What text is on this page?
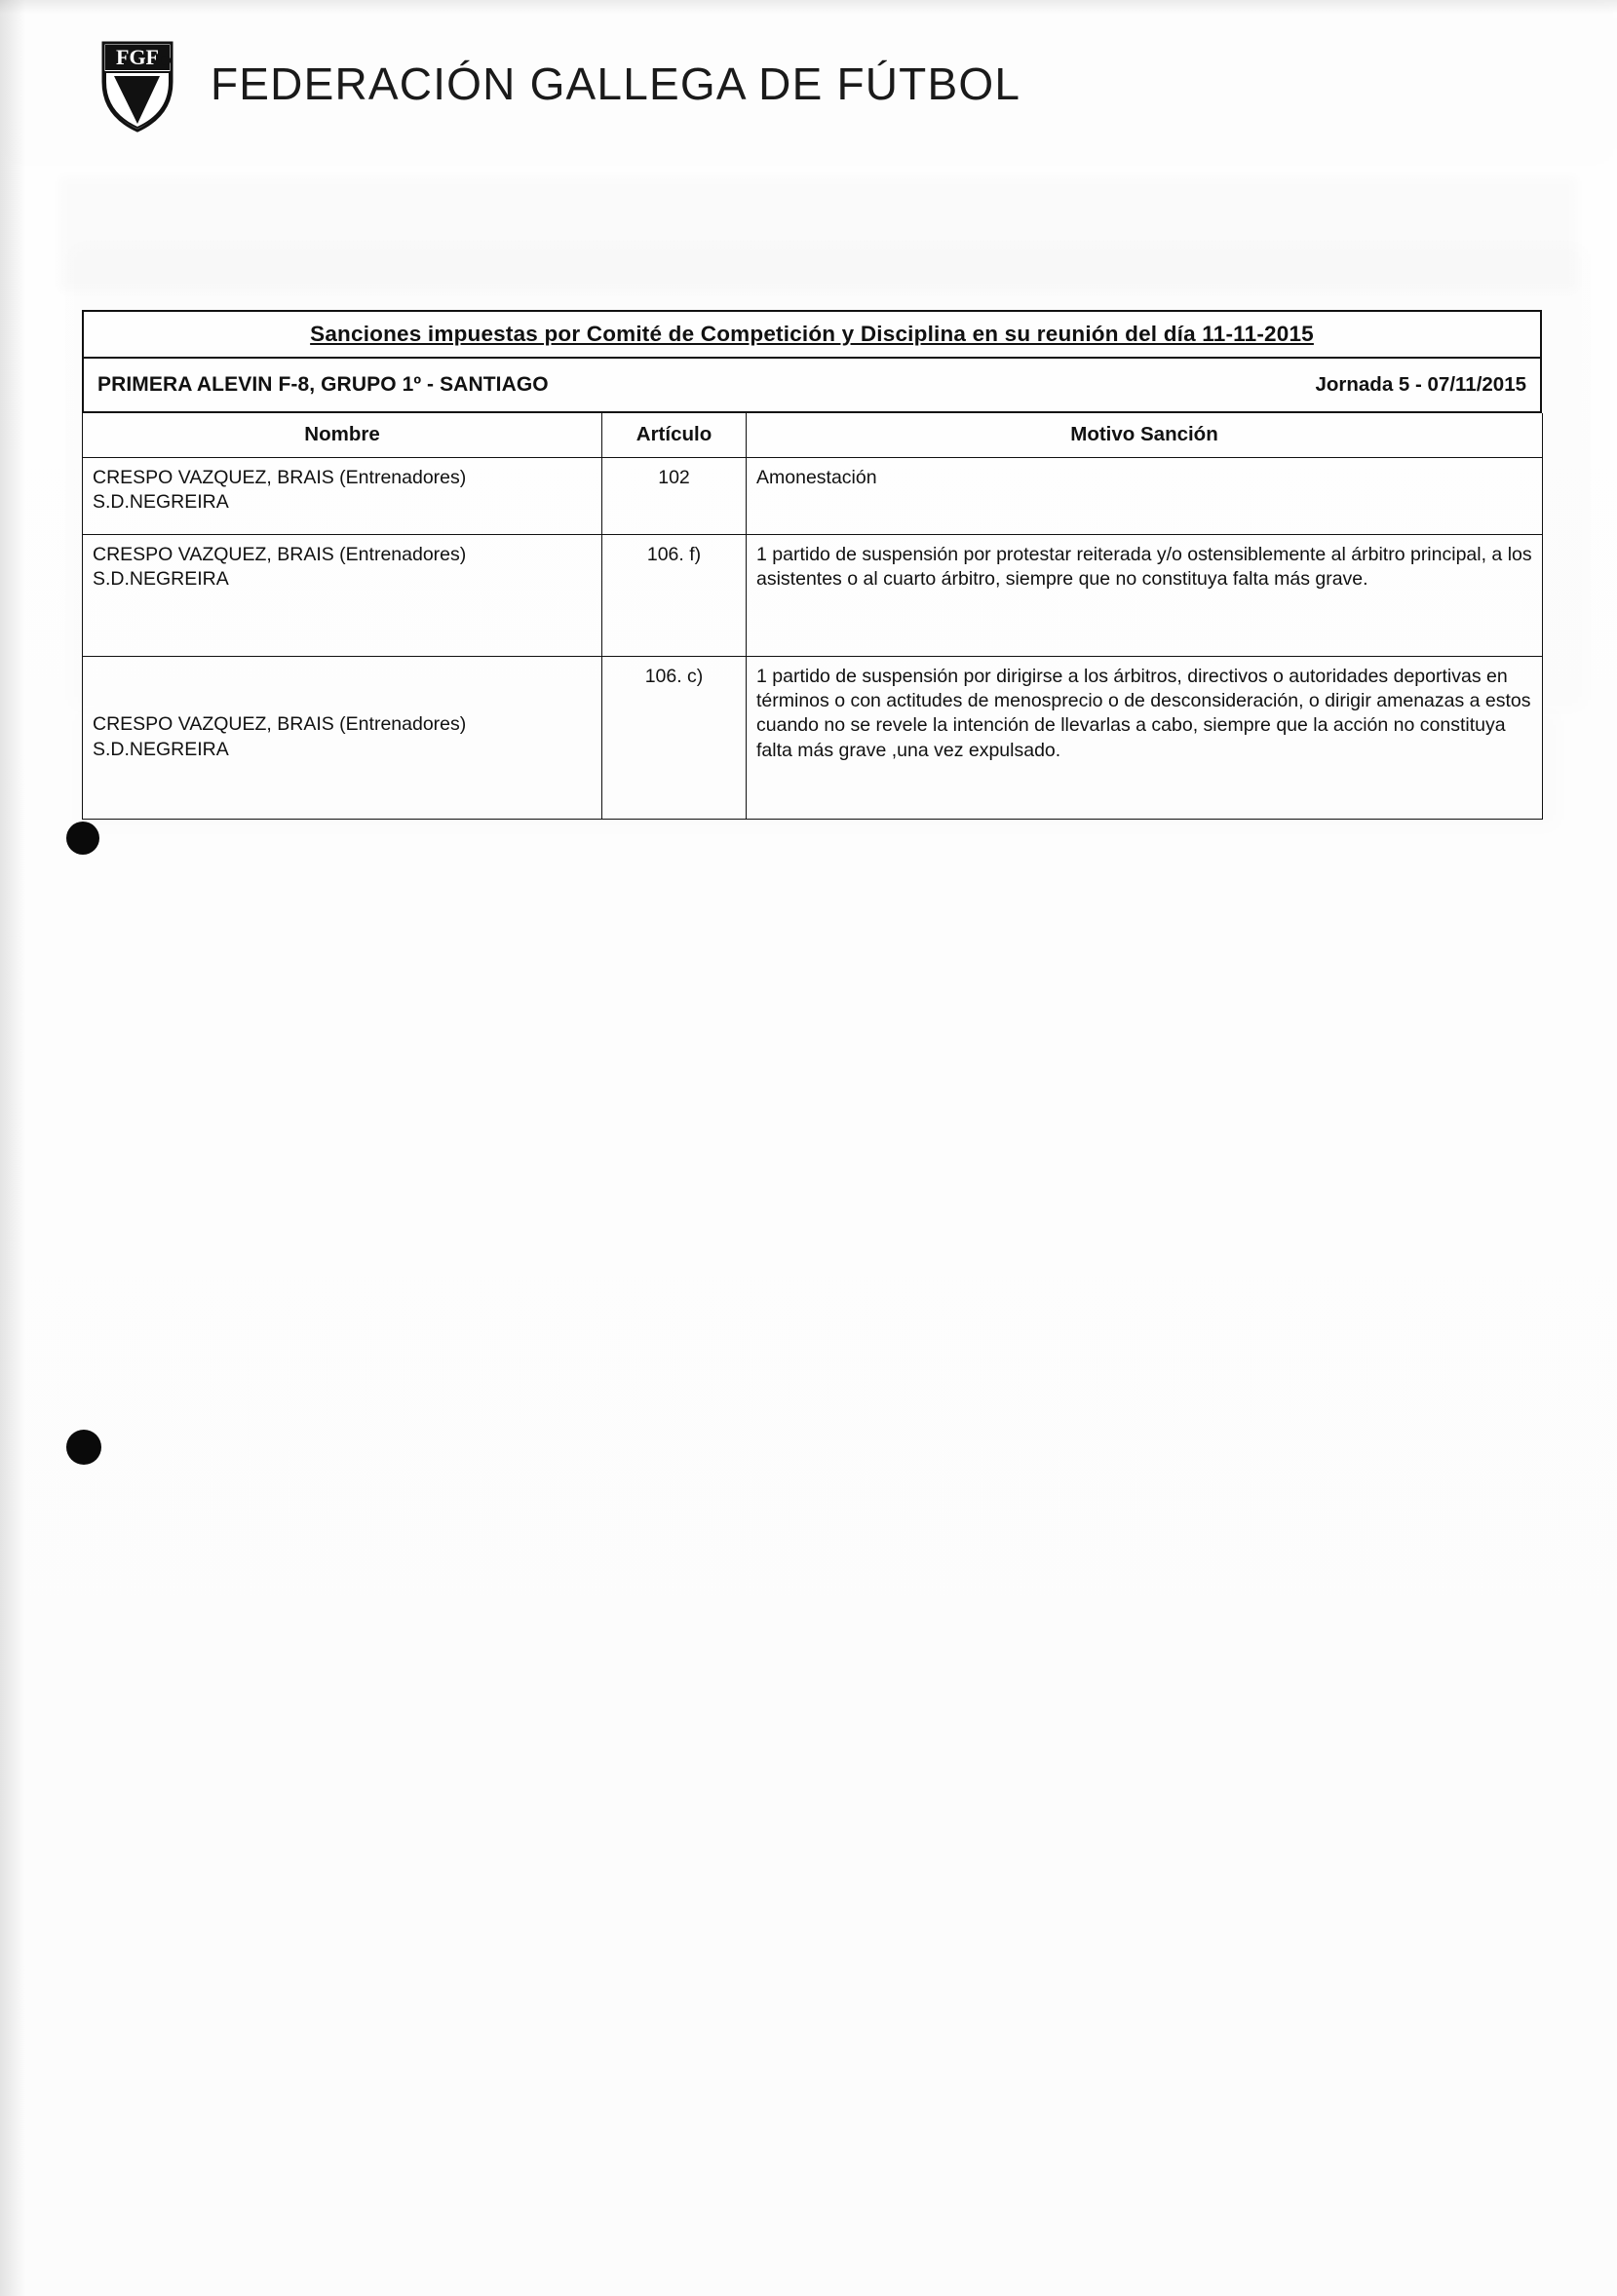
FGF
FEDERACIÓN GALLEGA DE FÚTBOL
Sanciones impuestas por Comité de Competición y Disciplina en su reunión del día 11-11-2015
PRIMERA ALEVIN F-8, GRUPO 1º - SANTIAGO	Jornada 5 - 07/11/2015
Nombre	Artículo	Motivo Sanción

CRESPO VAZQUEZ, BRAIS (Entrenadores)
S.D.NEGREIRA	102	Amonestación

CRESPO VAZQUEZ, BRAIS (Entrenadores)
S.D.NEGREIRA	106. f)	1 partido de suspensión por protestar reiterada y/o ostensiblemente al árbitro principal, a los asistentes o al cuarto árbitro, siempre que no constituya falta más grave.

CRESPO VAZQUEZ, BRAIS (Entrenadores)
S.D.NEGREIRA	106. c)	1 partido de suspensión por dirigirse a los árbitros, directivos o autoridades deportivas en términos o con actitudes de menosprecio o de desconsideración, o dirigir amenazas a estos cuando no se revele la intención de llevarlas a cabo, siempre que la acción no constituya falta más grave ,una vez expulsado.
